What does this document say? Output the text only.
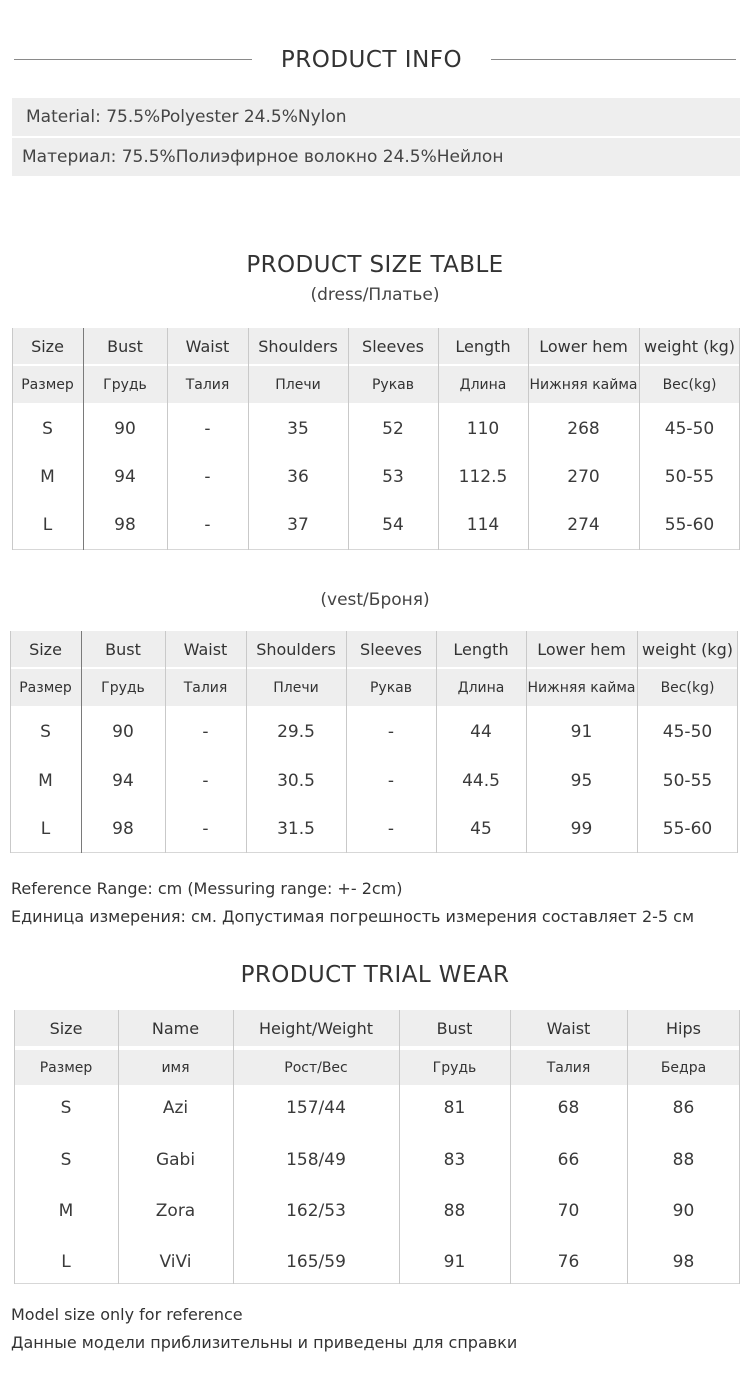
PRODUCT INFO
Material: 75.5%Polyester 24.5%Nylon
Материал: 75.5%Полиэфирное волокно 24.5%Нейлон
PRODUCT SIZE TABLE
(dress/Платье)
Size	Bust	Waist	Shoulders	Sleeves	Length	Lower hem	weight (kg)
Размер	Грудь	Талия	Плечи	Рукав	Длина	Нижняя кайма	Вес(kg)
S	90	-	35	52	110	268	45-50
M	94	-	36	53	112.5	270	50-55
L	98	-	37	54	114	274	55-60
(vest/Броня)
Size	Bust	Waist	Shoulders	Sleeves	Length	Lower hem	weight (kg)
Размер	Грудь	Талия	Плечи	Рукав	Длина	Нижняя кайма	Вес(kg)
S	90	-	29.5	-	44	91	45-50
M	94	-	30.5	-	44.5	95	50-55
L	98	-	31.5	-	45	99	55-60
Reference Range: cm (Messuring range: +- 2cm)
Единица измерения: см. Допустимая погрешность измерения составляет 2-5 см
PRODUCT TRIAL WEAR
Size	Name	Height/Weight	Bust	Waist	Hips
Размер	имя	Рост/Вес	Грудь	Талия	Бедра
S	Azi	157/44	81	68	86
S	Gabi	158/49	83	66	88
M	Zora	162/53	88	70	90
L	ViVi	165/59	91	76	98
Model size only for reference
Данные модели приблизительны и приведены для справки
